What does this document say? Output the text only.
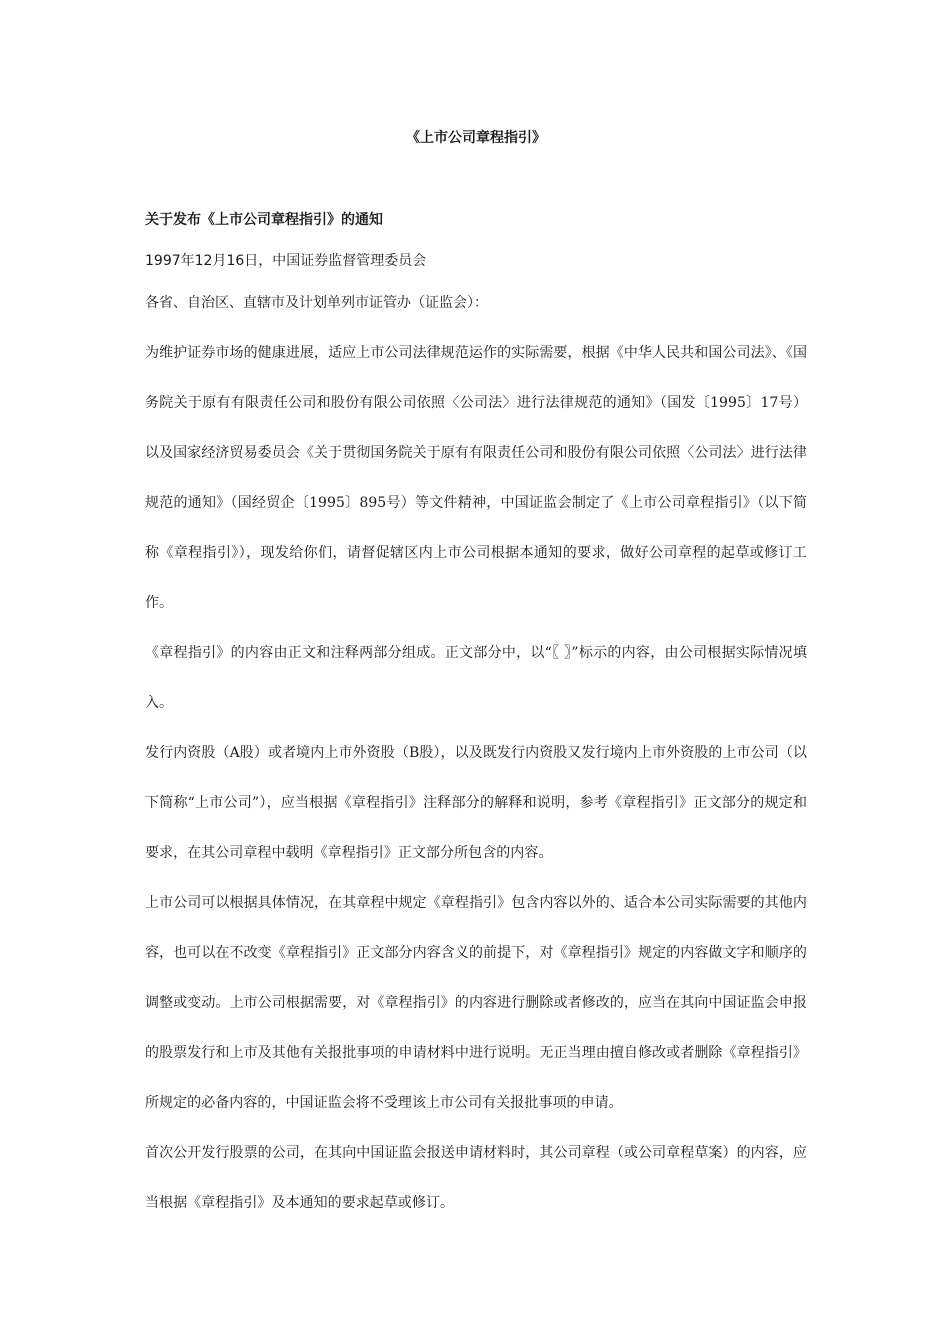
《上市公司章程指引》
关于发布《上市公司章程指引》的通知

1997年12月16日，中国证券监督管理委员会

各省、自治区、直辖市及计划单列市证管办（证监会）：

为维护证券市场的健康进展，适应上市公司法律规范运作的实际需要，根据《中华人民共和国公司法》、《国务院关于原有有限责任公司和股份有限公司依照〈公司法〉进行法律规范的通知》（国发〔1995〕17号）以及国家经济贸易委员会《关于贯彻国务院关于原有有限责任公司和股份有限公司依照〈公司法〉进行法律规范的通知》（国经贸企〔1995〕895号）等文件精神，中国证监会制定了《上市公司章程指引》（以下简称《章程指引》），现发给你们，请督促辖区内上市公司根据本通知的要求，做好公司章程的起草或修订工作。

《章程指引》的内容由正文和注释两部分组成。正文部分中，以“〖 〗”标示的内容，由公司根据实际情况填入。

发行内资股（A股）或者境内上市外资股（B股），以及既发行内资股又发行境内上市外资股的上市公司（以下简称“上市公司”），应当根据《章程指引》注释部分的解释和说明，参考《章程指引》正文部分的规定和要求，在其公司章程中载明《章程指引》正文部分所包含的内容。

上市公司可以根据具体情况，在其章程中规定《章程指引》包含内容以外的、适合本公司实际需要的其他内容，也可以在不改变《章程指引》正文部分内容含义的前提下，对《章程指引》规定的内容做文字和顺序的调整或变动。上市公司根据需要，对《章程指引》的内容进行删除或者修改的，应当在其向中国证监会申报的股票发行和上市及其他有关报批事项的申请材料中进行说明。无正当理由擅自修改或者删除《章程指引》所规定的必备内容的，中国证监会将不受理该上市公司有关报批事项的申请。

首次公开发行股票的公司，在其向中国证监会报送申请材料时，其公司章程（或公司章程草案）的内容，应当根据《章程指引》及本通知的要求起草或修订。
